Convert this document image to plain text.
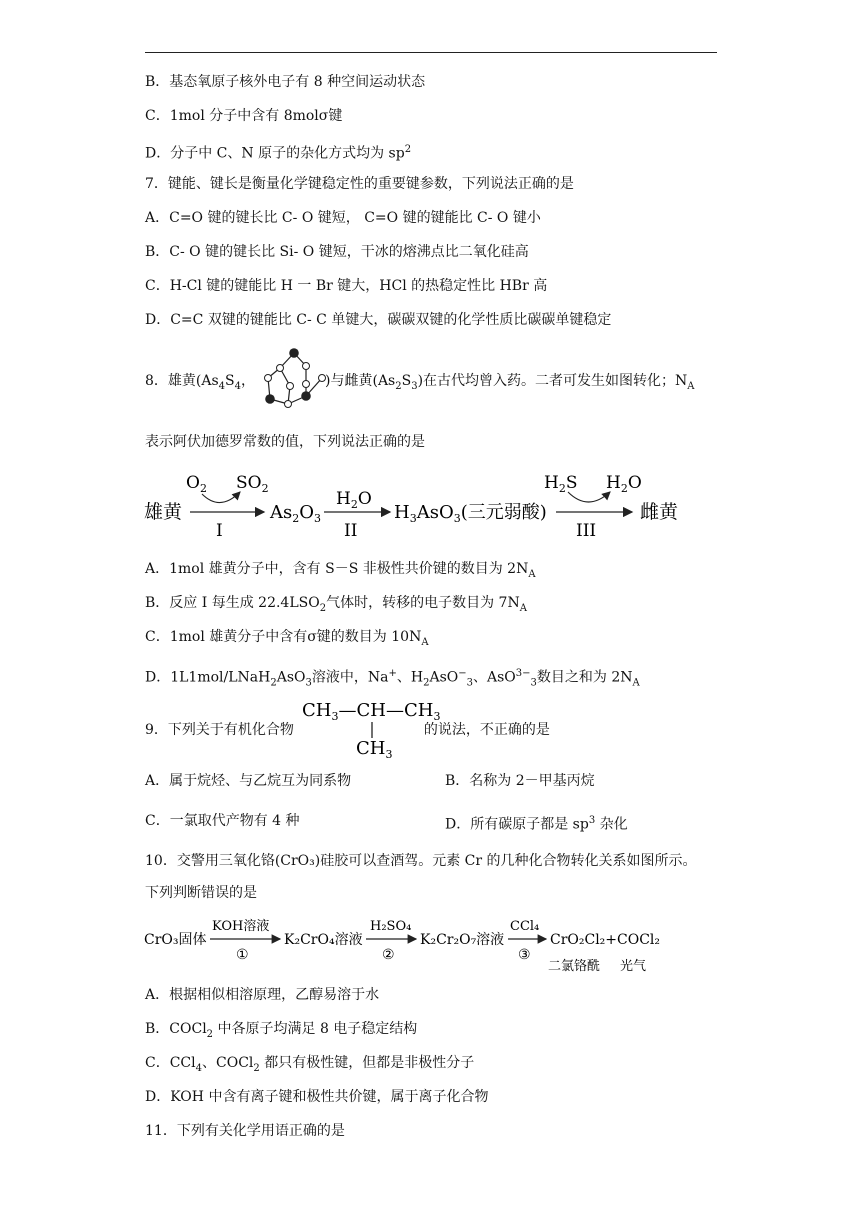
B．基态氧原子核外电子有 8 种空间运动状态
C．1mol 分子中含有 8molσ键
D．分子中 C、N 原子的杂化方式均为 $sp^2$
7．键能、键长是衡量化学键稳定性的重要键参数，下列说法正确的是
A．C=O 键的键长比 C- O 键短， C=O 键的键能比 C- O 键小
B．C- O 键的键长比 Si- O 键短，干冰的熔沸点比二氧化硅高
C．H-Cl 键的键能比 H 一 Br 键大，HCl 的热稳定性比 HBr 高
D．C=C 双键的键能比 C- C 单键大，碳碳双键的化学性质比碳碳单键稳定
8．雄黄($As_4S_4$，	)与雌黄$(As_2S_3)$在古代均曾入药。二者可发生如图转化；$N_A$
表示阿伏加德罗常数的值，下列说法正确的是
雄黄
$O_2$ $SO_2$
I
$As_2O_3$
$H_2O$
II
$H_3AsO_3$(三元弱酸)
$H_2S$ $H_2O$
III
雌黄
A．1mol 雄黄分子中，含有 S－S 非极性共价键的数目为 $2N_A$
B．反应 I 每生成 $22.4LSO_2$气体时，转移的电子数目为 $7N_A$
C．1mol 雄黄分子中含有σ键的数目为 $10N_A$
D．1L1mol/LNaH$_2$AsO$_3$溶液中，Na+、$H_2AsO^-_3$、AsO$^{3-}_3$数目之和为 $2N_A$
9．下列关于有机化合物	的说法，不正确的是
$CH_3—CH—CH_3$
$CH_3$
A．属于烷烃、与乙烷互为同系物	B．名称为 2－甲基丙烷
C．一氯取代产物有 4 种	D．所有碳原子都是 $sp^3$ 杂化
10．交警用三氧化铬(CrO₃)硅胶可以查酒驾。元素 Cr 的几种化合物转化关系如图所示。
下列判断错误的是
CrO₃固体
KOH溶液
①
K₂CrO₄溶液
H₂SO₄
②
K₂Cr₂O₇溶液
CCl₄
③
CrO₂Cl₂+COCl₂
二氯铬酰 光气
A．根据相似相溶原理，乙醇易溶于水
B．COCl$_2$ 中各原子均满足 8 电子稳定结构
C．CCl$_4$、COCl$_2$ 都只有极性键，但都是非极性分子
D．KOH 中含有离子键和极性共价键，属于离子化合物
11．下列有关化学用语正确的是
